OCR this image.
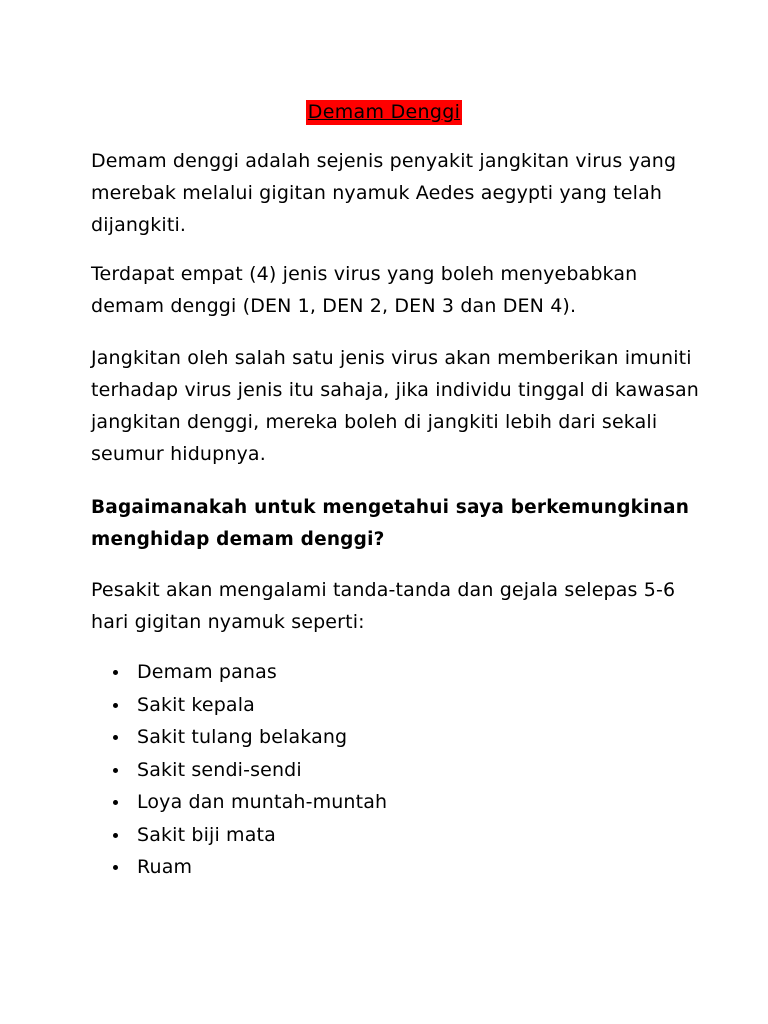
Demam Denggi

Demam denggi adalah sejenis penyakit jangkitan virus yang merebak melalui gigitan nyamuk Aedes aegypti yang telah dijangkiti.

Terdapat empat (4) jenis virus yang boleh menyebabkan demam denggi (DEN 1, DEN 2, DEN 3 dan DEN 4).

Jangkitan oleh salah satu jenis virus akan memberikan imuniti terhadap virus jenis itu sahaja, jika individu tinggal di kawasan jangkitan denggi, mereka boleh di jangkiti lebih dari sekali seumur hidupnya.

Bagaimanakah untuk mengetahui saya berkemungkinan menghidap demam denggi?

Pesakit akan mengalami tanda-tanda dan gejala selepas 5-6 hari gigitan nyamuk seperti:

Demam panas
Sakit kepala
Sakit tulang belakang
Sakit sendi-sendi
Loya dan muntah-muntah
Sakit biji mata
Ruam
